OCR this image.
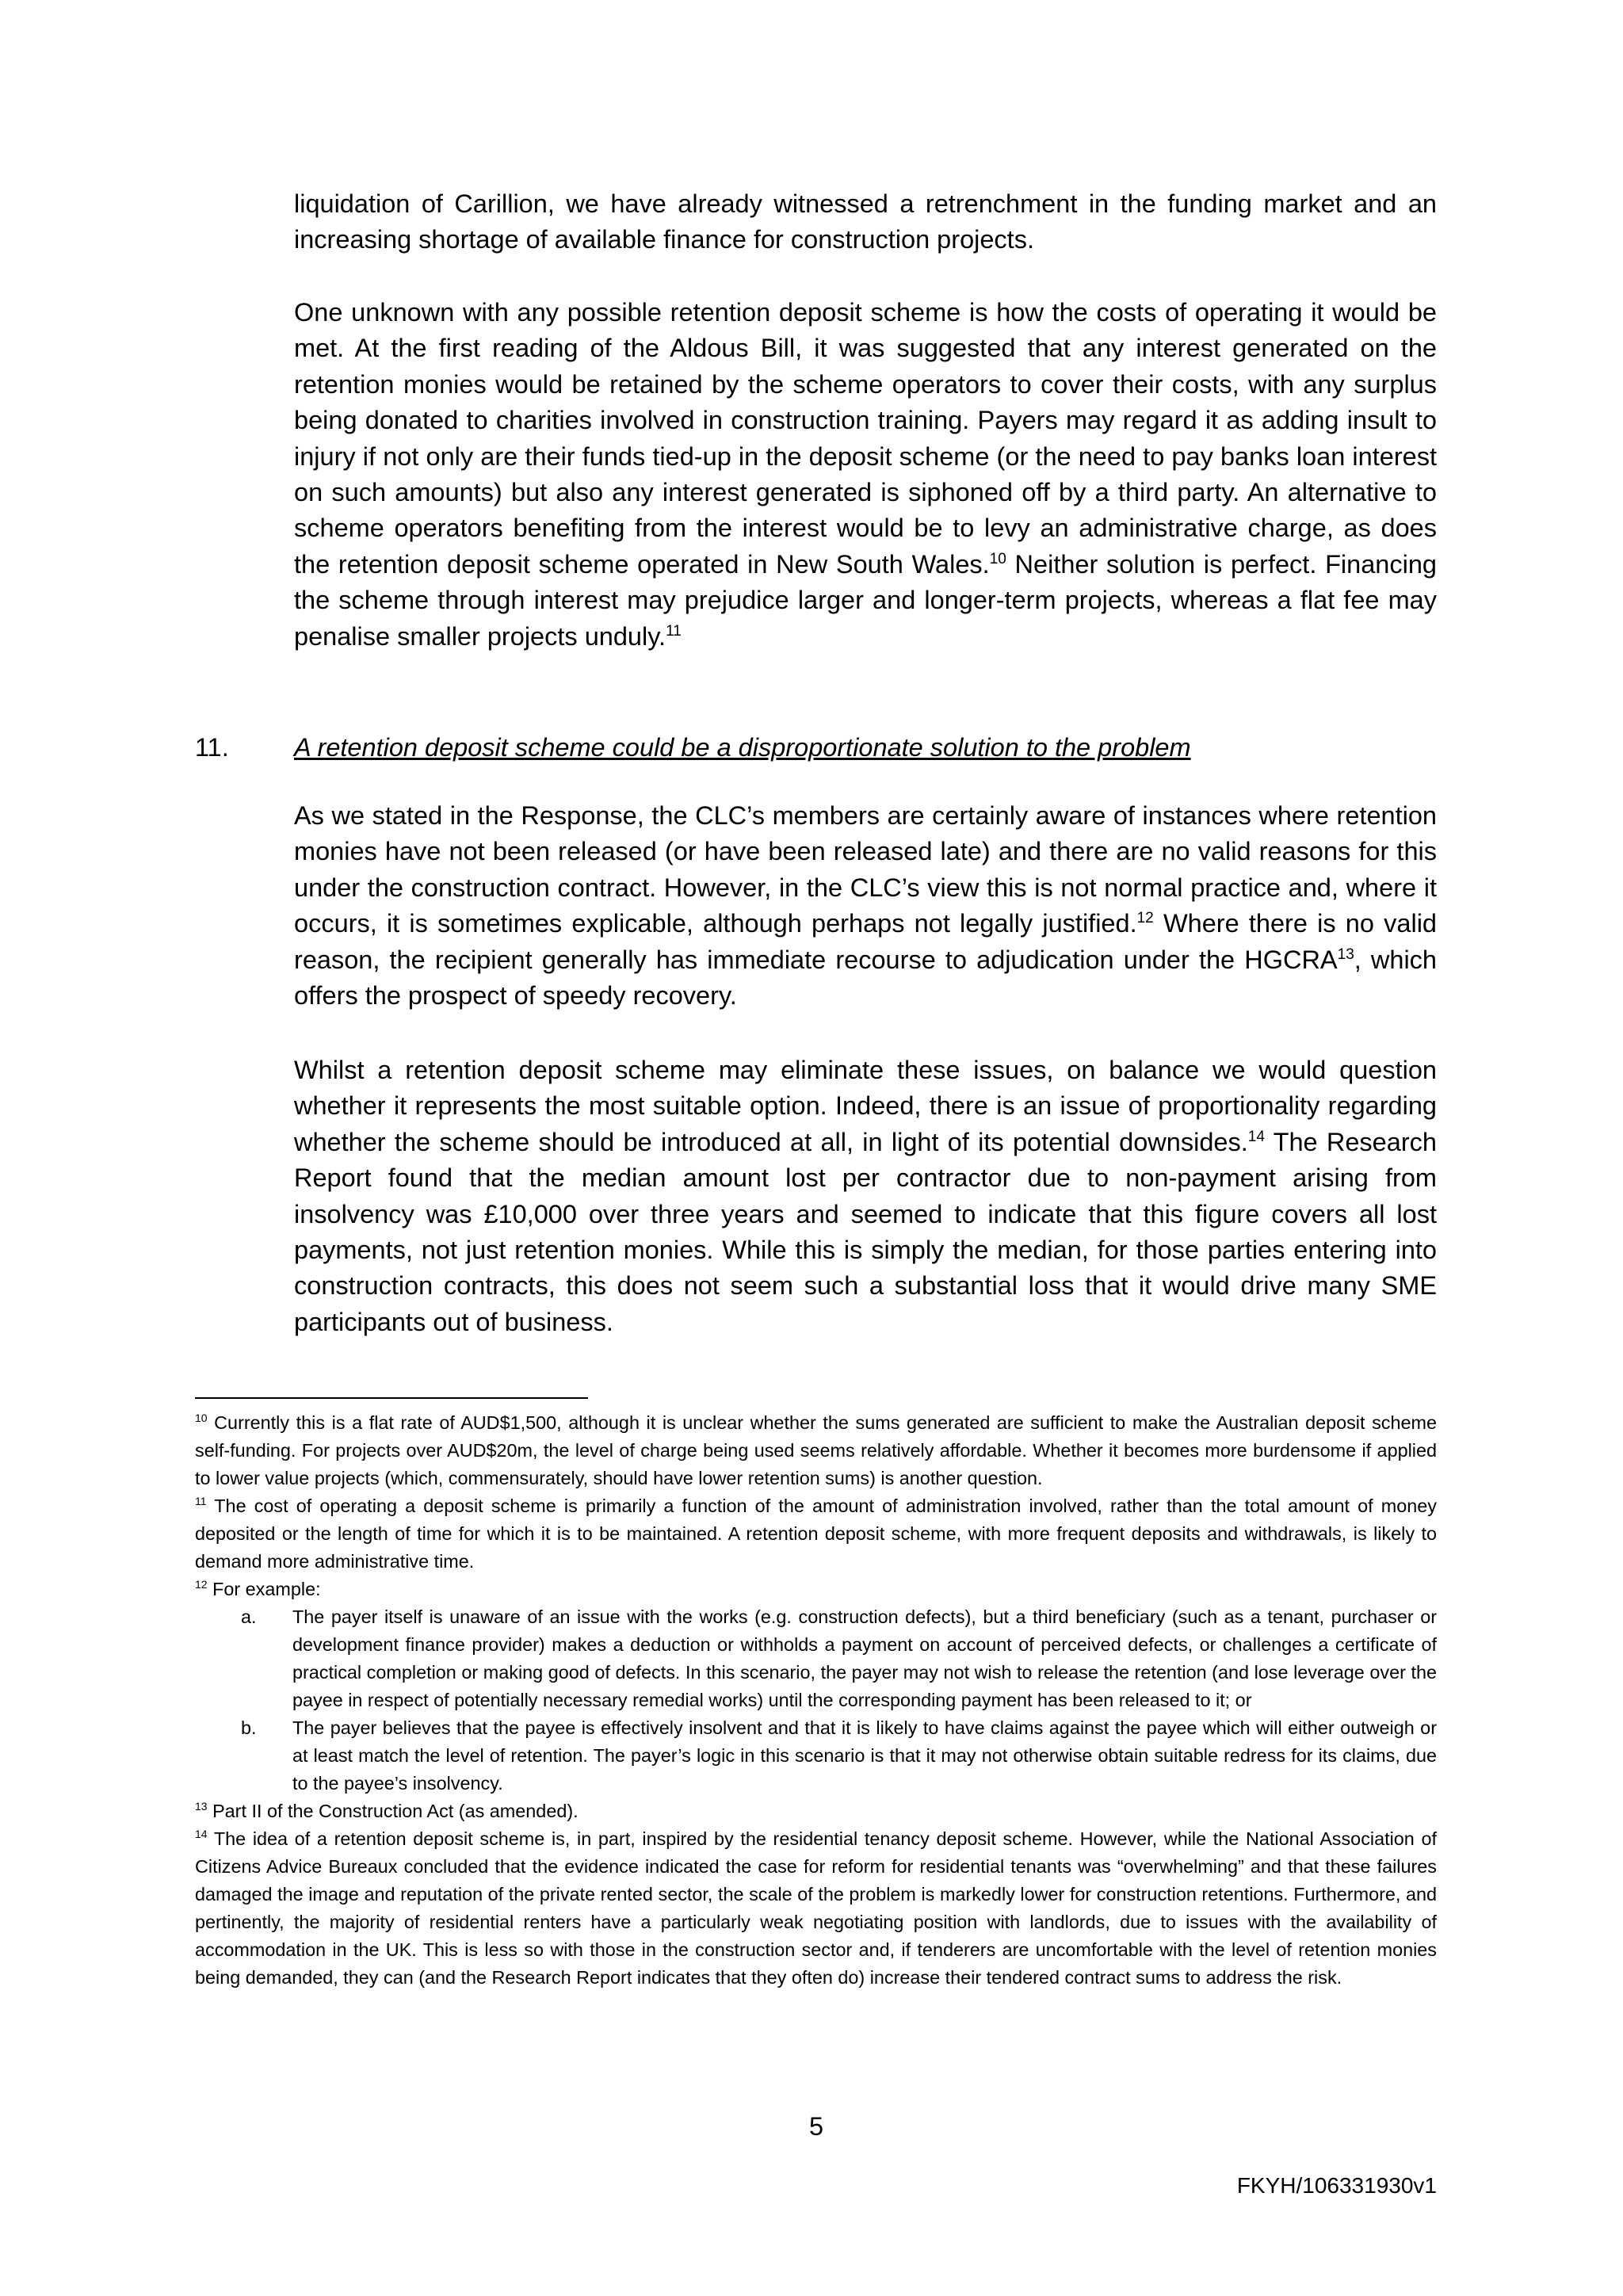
liquidation of Carillion, we have already witnessed a retrenchment in the funding market and an increasing shortage of available finance for construction projects.

One unknown with any possible retention deposit scheme is how the costs of operating it would be met. At the first reading of the Aldous Bill, it was suggested that any interest generated on the retention monies would be retained by the scheme operators to cover their costs, with any surplus being donated to charities involved in construction training. Payers may regard it as adding insult to injury if not only are their funds tied-up in the deposit scheme (or the need to pay banks loan interest on such amounts) but also any interest generated is siphoned off by a third party. An alternative to scheme operators benefiting from the interest would be to levy an administrative charge, as does the retention deposit scheme operated in New South Wales.$^{10}$ Neither solution is perfect. Financing the scheme through interest may prejudice larger and longer-term projects, whereas a flat fee may penalise smaller projects unduly.$^{11}$

11.	A retention deposit scheme could be a disproportionate solution to the problem

As we stated in the Response, the CLC’s members are certainly aware of instances where retention monies have not been released (or have been released late) and there are no valid reasons for this under the construction contract. However, in the CLC’s view this is not normal practice and, where it occurs, it is sometimes explicable, although perhaps not legally justified.$^{12}$ Where there is no valid reason, the recipient generally has immediate recourse to adjudication under the HGCRA$^{13}$, which offers the prospect of speedy recovery.

Whilst a retention deposit scheme may eliminate these issues, on balance we would question whether it represents the most suitable option. Indeed, there is an issue of proportionality regarding whether the scheme should be introduced at all, in light of its potential downsides.$^{14}$ The Research Report found that the median amount lost per contractor due to non-payment arising from insolvency was £10,000 over three years and seemed to indicate that this figure covers all lost payments, not just retention monies. While this is simply the median, for those parties entering into construction contracts, this does not seem such a substantial loss that it would drive many SME participants out of business.

$^{10}$ Currently this is a flat rate of AUD$1,500, although it is unclear whether the sums generated are sufficient to make the Australian deposit scheme self-funding. For projects over AUD$20m, the level of charge being used seems relatively affordable. Whether it becomes more burdensome if applied to lower value projects (which, commensurately, should have lower retention sums) is another question.

$^{11}$ The cost of operating a deposit scheme is primarily a function of the amount of administration involved, rather than the total amount of money deposited or the length of time for which it is to be maintained. A retention deposit scheme, with more frequent deposits and withdrawals, is likely to demand more administrative time.

$^{12}$ For example:

a. The payer itself is unaware of an issue with the works (e.g. construction defects), but a third beneficiary (such as a tenant, purchaser or development finance provider) makes a deduction or withholds a payment on account of perceived defects, or challenges a certificate of practical completion or making good of defects. In this scenario, the payer may not wish to release the retention (and lose leverage over the payee in respect of potentially necessary remedial works) until the corresponding payment has been released to it; or
b. The payer believes that the payee is effectively insolvent and that it is likely to have claims against the payee which will either outweigh or at least match the level of retention. The payer’s logic in this scenario is that it may not otherwise obtain suitable redress for its claims, due to the payee’s insolvency.

$^{13}$ Part II of the Construction Act (as amended).

$^{14}$ The idea of a retention deposit scheme is, in part, inspired by the residential tenancy deposit scheme. However, while the National Association of Citizens Advice Bureaux concluded that the evidence indicated the case for reform for residential tenants was “overwhelming” and that these failures damaged the image and reputation of the private rented sector, the scale of the problem is markedly lower for construction retentions. Furthermore, and pertinently, the majority of residential renters have a particularly weak negotiating position with landlords, due to issues with the availability of accommodation in the UK. This is less so with those in the construction sector and, if tenderers are uncomfortable with the level of retention monies being demanded, they can (and the Research Report indicates that they often do) increase their tendered contract sums to address the risk.

5
FKYH/106331930v1
